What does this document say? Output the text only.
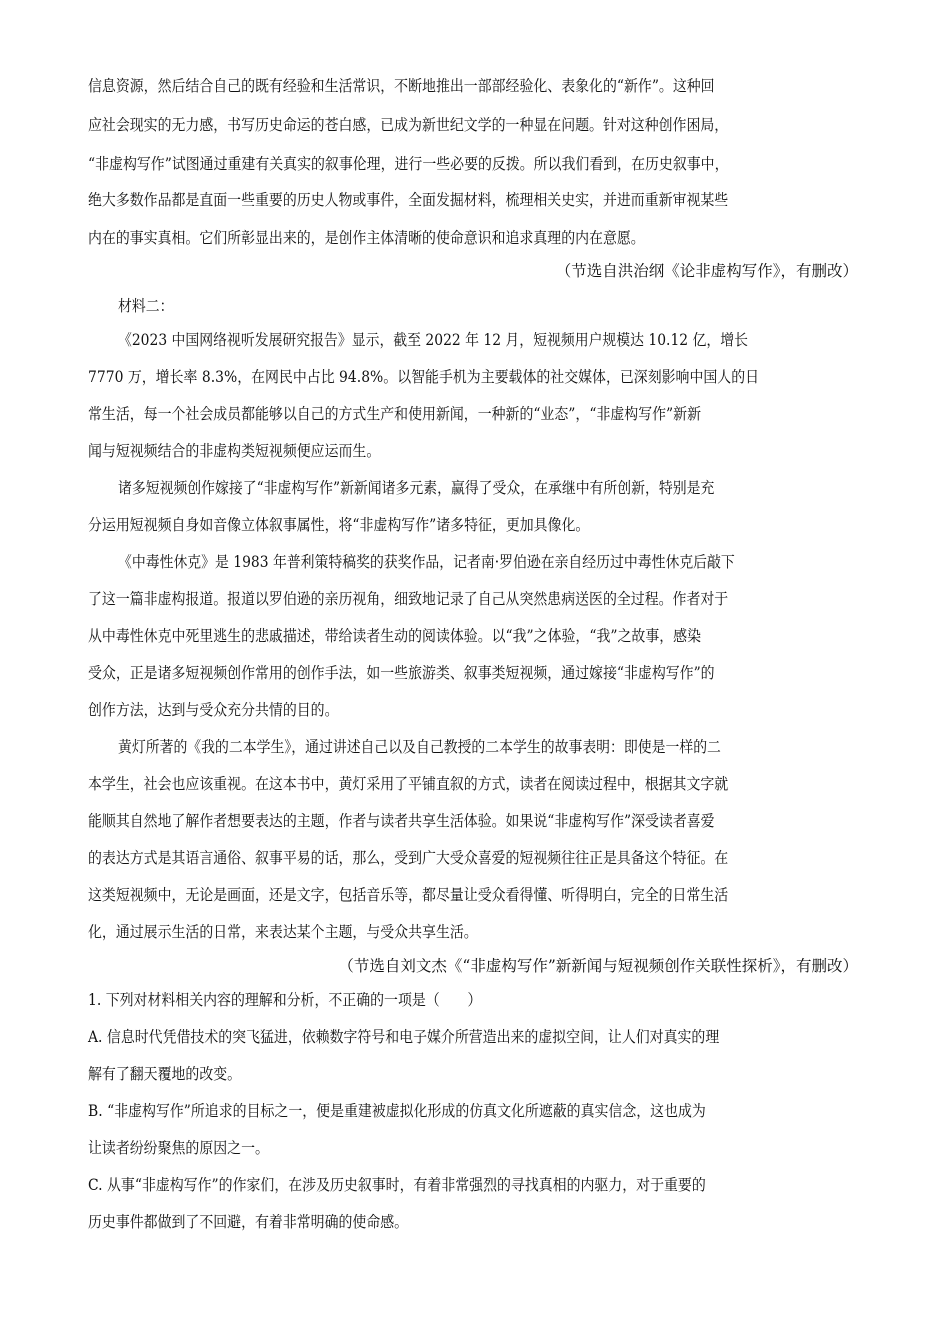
信息资源，然后结合自己的既有经验和生活常识，不断地推出一部部经验化、表象化的“新作”。这种回
应社会现实的无力感，书写历史命运的苍白感，已成为新世纪文学的一种显在问题。针对这种创作困局，
“非虚构写作”试图通过重建有关真实的叙事伦理，进行一些必要的反拨。所以我们看到，在历史叙事中，
绝大多数作品都是直面一些重要的历史人物或事件，全面发掘材料，梳理相关史实，并进而重新审视某些
内在的事实真相。它们所彰显出来的，是创作主体清晰的使命意识和追求真理的内在意愿。
（节选自洪治纲《论非虚构写作》，有删改）
材料二：
《2023 中国网络视听发展研究报告》显示，截至 2022 年 12 月，短视频用户规模达 10.12 亿，增长
7770 万，增长率 8.3%，在网民中占比 94.8%。以智能手机为主要载体的社交媒体，已深刻影响中国人的日
常生活，每一个社会成员都能够以自己的方式生产和使用新闻，一种新的“业态”，“非虚构写作”新新
闻与短视频结合的非虚构类短视频便应运而生。
诸多短视频创作嫁接了“非虚构写作”新新闻诸多元素，赢得了受众，在承继中有所创新，特别是充
分运用短视频自身如音像立体叙事属性，将“非虚构写作”诸多特征，更加具像化。
《中毒性休克》是 1983 年普利策特稿奖的获奖作品，记者南·罗伯逊在亲自经历过中毒性休克后敲下
了这一篇非虚构报道。报道以罗伯逊的亲历视角，细致地记录了自己从突然患病送医的全过程。作者对于
从中毒性休克中死里逃生的悲戚描述，带给读者生动的阅读体验。以“我”之体验，“我”之故事，感染
受众，正是诸多短视频创作常用的创作手法，如一些旅游类、叙事类短视频，通过嫁接“非虚构写作”的
创作方法，达到与受众充分共情的目的。
黄灯所著的《我的二本学生》，通过讲述自己以及自己教授的二本学生的故事表明：即使是一样的二
本学生，社会也应该重视。在这本书中，黄灯采用了平铺直叙的方式，读者在阅读过程中，根据其文字就
能顺其自然地了解作者想要表达的主题，作者与读者共享生活体验。如果说“非虚构写作”深受读者喜爱
的表达方式是其语言通俗、叙事平易的话，那么，受到广大受众喜爱的短视频往往正是具备这个特征。在
这类短视频中，无论是画面，还是文字，包括音乐等，都尽量让受众看得懂、听得明白，完全的日常生活
化，通过展示生活的日常，来表达某个主题，与受众共享生活。
（节选自刘文杰《“非虚构写作”新新闻与短视频创作关联性探析》，有删改）
1. 下列对材料相关内容的理解和分析，不正确的一项是（　　）
A. 信息时代凭借技术的突飞猛进，依赖数字符号和电子媒介所营造出来的虚拟空间，让人们对真实的理
解有了翻天覆地的改变。
B. “非虚构写作”所追求的目标之一，便是重建被虚拟化形成的仿真文化所遮蔽的真实信念，这也成为
让读者纷纷聚焦的原因之一。
C. 从事“非虚构写作”的作家们，在涉及历史叙事时，有着非常强烈的寻找真相的内驱力，对于重要的
历史事件都做到了不回避，有着非常明确的使命感。
